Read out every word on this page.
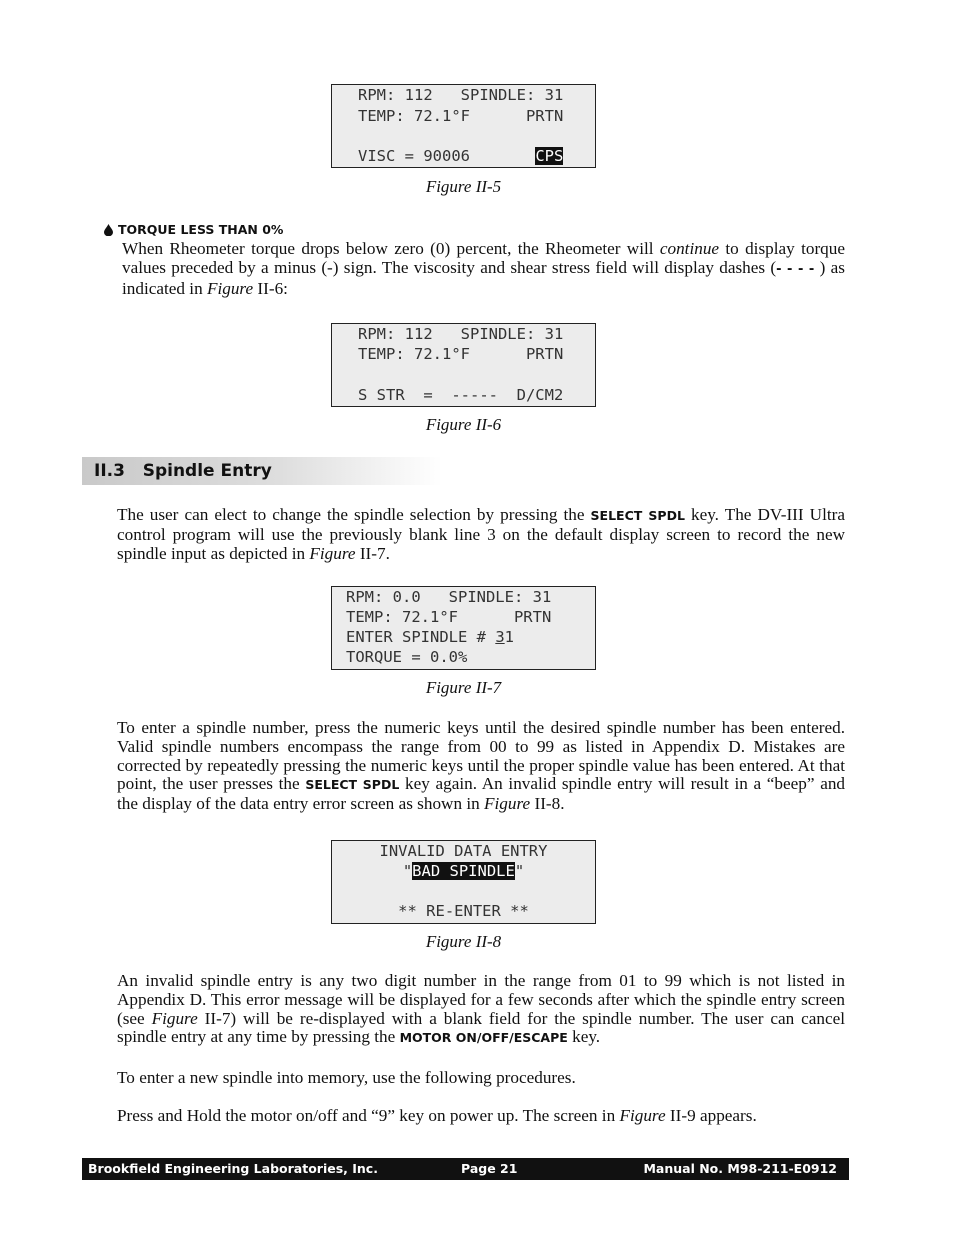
RPM: 112   SPINDLE: 31
TEMP: 72.1°F      PRTN
VISC = 90006       CPS
Figure II-5
TORQUE LESS THAN 0%
When Rheometer torque drops below zero (0) percent, the Rheometer will continue to display torque values preceded by a minus (-) sign. The viscosity and shear stress field will display dashes (- - - - ) as indicated in Figure II-6:
RPM: 112   SPINDLE: 31
TEMP: 72.1°F      PRTN
S STR  =  -----  D/CM2
Figure II-6
II.3 Spindle Entry
The user can elect to change the spindle selection by pressing the SELECT SPDL key. The DV-III Ultra control program will use the previously blank line 3 on the default display screen to record the new spindle input as depicted in Figure II-7.
RPM: 0.0   SPINDLE: 31
TEMP: 72.1°F      PRTN
ENTER SPINDLE # 31
TORQUE = 0.0%
Figure II-7
To enter a spindle number, press the numeric keys until the desired spindle number has been entered. Valid spindle numbers encompass the range from 00 to 99 as listed in Appendix D. Mistakes are corrected by repeatedly pressing the numeric keys until the proper spindle value has been entered. At that point, the user presses the SELECT SPDL key again. An invalid spindle entry will result in a “beep” and the display of the data entry error screen as shown in Figure II-8.
INVALID DATA ENTRY
"BAD SPINDLE"
** RE-ENTER **
Figure II-8
An invalid spindle entry is any two digit number in the range from 01 to 99 which is not listed in Appendix D. This error message will be displayed for a few seconds after which the spindle entry screen (see Figure II-7) will be re-displayed with a blank field for the spindle number. The user can cancel spindle entry at any time by pressing the MOTOR ON/OFF/ESCAPE key.
To enter a new spindle into memory, use the following procedures.
Press and Hold the motor on/off and “9” key on power up. The screen in Figure II-9 appears.
Brookfield Engineering Laboratories, Inc.	Page 21	Manual No. M98-211-E0912
